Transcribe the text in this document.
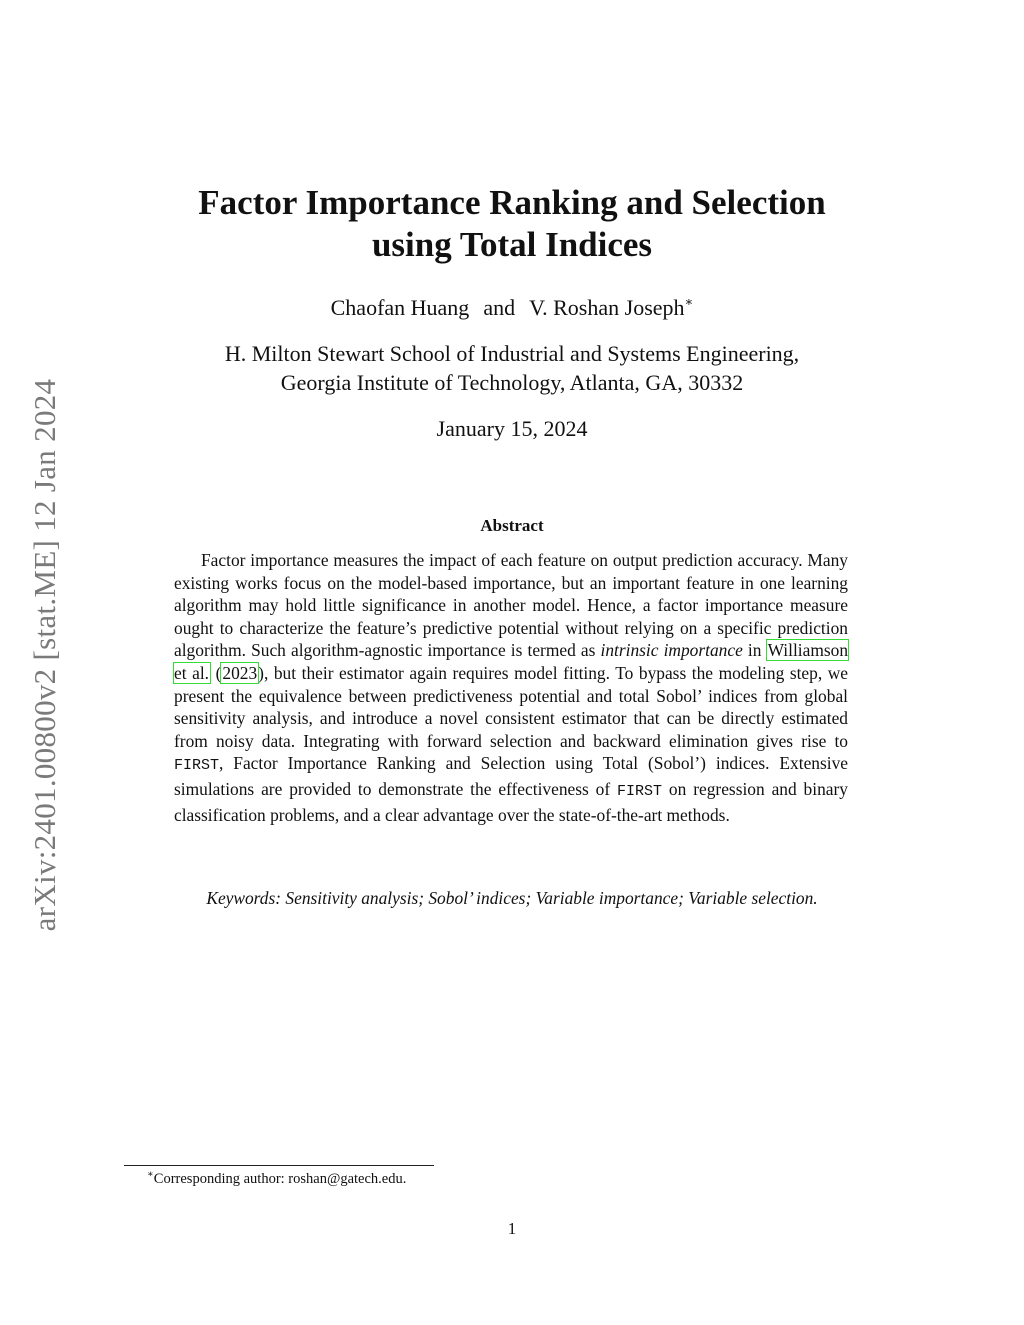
arXiv:2401.00800v2 [stat.ME] 12 Jan 2024
Factor Importance Ranking and Selection
using Total Indices
Chaofan Huang and V. Roshan Joseph∗
H. Milton Stewart School of Industrial and Systems Engineering,
Georgia Institute of Technology, Atlanta, GA, 30332
January 15, 2024
Abstract
Factor importance measures the impact of each feature on output prediction accuracy. Many existing works focus on the model-based importance, but an important feature in one learning algorithm may hold little significance in another model. Hence, a factor importance measure ought to characterize the feature’s predictive potential without relying on a specific prediction algorithm. Such algorithm-agnostic importance is termed as intrinsic importance in Williamson et al. (2023), but their estimator again requires model fitting. To bypass the modeling step, we present the equivalence between predictiveness potential and total Sobol’ indices from global sensitivity analysis, and introduce a novel consistent estimator that can be directly estimated from noisy data. Integrating with forward selection and backward elimination gives rise to FIRST, Factor Importance Ranking and Selection using Total (Sobol’) indices. Extensive simulations are provided to demonstrate the effectiveness of FIRST on regression and binary classification problems, and a clear advantage over the state-of-the-art methods.
Keywords: Sensitivity analysis; Sobol’ indices; Variable importance; Variable selection.
∗Corresponding author: roshan@gatech.edu.
1
